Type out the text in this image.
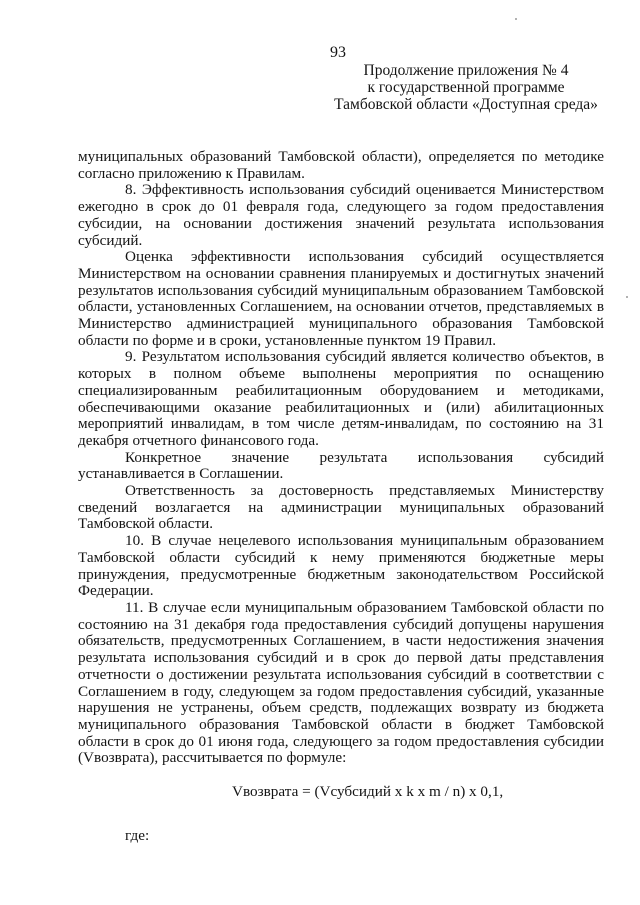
93
Продолжение приложения № 4
к государственной программе
Тамбовской области «Доступная среда»

муниципальных образований Тамбовской области), определяется по методике согласно приложению к Правилам.

8. Эффективность использования субсидий оценивается Министерством ежегодно в срок до 01 февраля года, следующего за годом предоставления субсидии, на основании достижения значений результата использования субсидий.

Оценка эффективности использования субсидий осуществляется Министерством на основании сравнения планируемых и достигнутых значений результатов использования субсидий муниципальным образованием Тамбовской области, установленных Соглашением, на основании отчетов, представляемых в Министерство администрацией муниципального образования Тамбовской области по форме и в сроки, установленные пунктом 19 Правил.

9. Результатом использования субсидий является количество объектов, в которых в полном объеме выполнены мероприятия по оснащению специализированным реабилитационным оборудованием и методиками, обеспечивающими оказание реабилитационных и (или) абилитационных мероприятий инвалидам, в том числе детям-инвалидам, по состоянию на 31 декабря отчетного финансового года.

Конкретное значение результата использования субсидий устанавливается в Соглашении.

Ответственность за достоверность представляемых Министерству сведений возлагается на администрации муниципальных образований Тамбовской области.

10. В случае нецелевого использования муниципальным образованием Тамбовской области субсидий к нему применяются бюджетные меры принуждения, предусмотренные бюджетным законодательством Российской Федерации.

11. В случае если муниципальным образованием Тамбовской области по состоянию на 31 декабря года предоставления субсидий допущены нарушения обязательств, предусмотренных Соглашением, в части недостижения значения результата использования субсидий и в срок до первой даты представления отчетности о достижении результата использования субсидий в соответствии с Соглашением в году, следующем за годом предоставления субсидий, указанные нарушения не устранены, объем средств, подлежащих возврату из бюджета муниципального образования Тамбовской области в бюджет Тамбовской области в срок до 01 июня года, следующего за годом предоставления субсидии (Vвозврата), рассчитывается по формуле:

Vвозврата = (Vсубсидий x k x m / n) x 0,1,
где:
